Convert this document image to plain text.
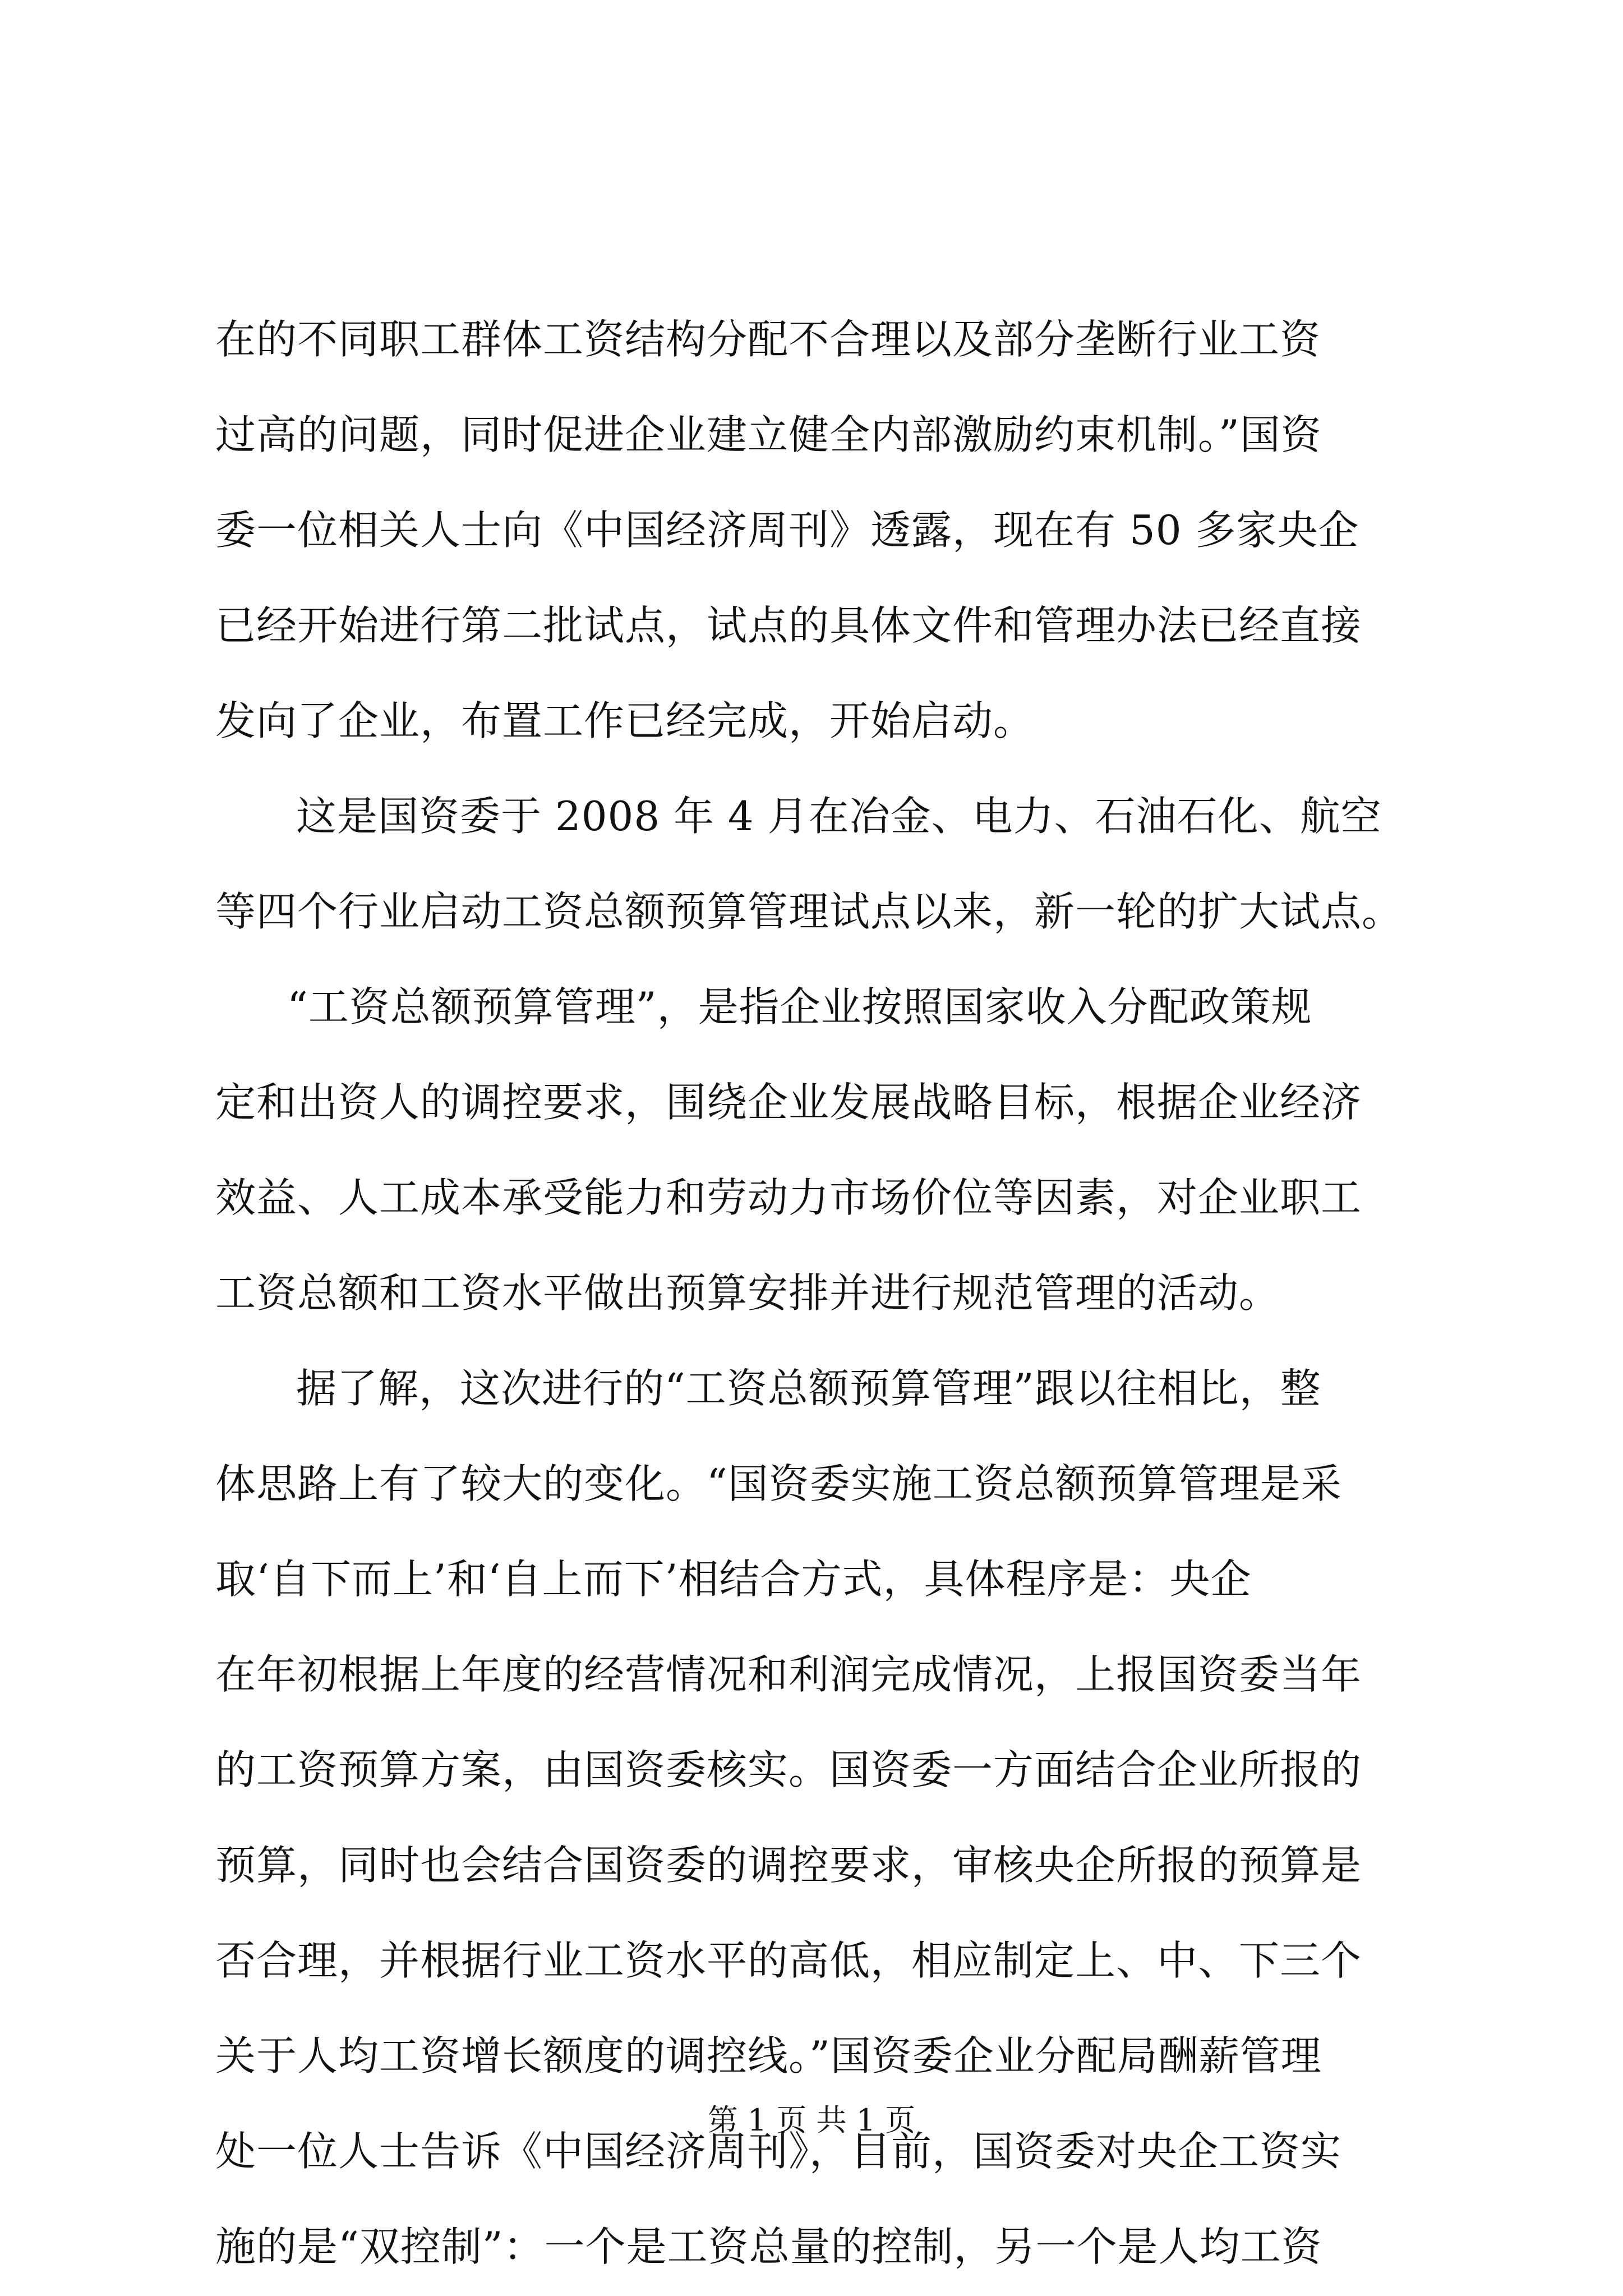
在的不同职工群体工资结构分配不合理以及部分垄断行业工资
过高的问题，同时促进企业建立健全内部激励约束机制。”国资
委一位相关人士向《中国经济周刊》透露，现在有 50 多家央企
已经开始进行第二批试点，试点的具体文件和管理办法已经直接
发向了企业，布置工作已经完成，开始启动。
这是国资委于 2008 年 4 月在冶金、电力、石油石化、航空
等四个行业启动工资总额预算管理试点以来，新一轮的扩大试点。
“工资总额预算管理”，是指企业按照国家收入分配政策规
定和出资人的调控要求，围绕企业发展战略目标，根据企业经济
效益、人工成本承受能力和劳动力市场价位等因素，对企业职工
工资总额和工资水平做出预算安排并进行规范管理的活动。
据了解，这次进行的“工资总额预算管理”跟以往相比，整
体思路上有了较大的变化。“国资委实施工资总额预算管理是采
取‘自下而上’和‘自上而下’相结合方式，具体程序是：央企
在年初根据上年度的经营情况和利润完成情况，上报国资委当年
的工资预算方案，由国资委核实。国资委一方面结合企业所报的
预算，同时也会结合国资委的调控要求，审核央企所报的预算是
否合理，并根据行业工资水平的高低，相应制定上、中、下三个
关于人均工资增长额度的调控线。”国资委企业分配局酬薪管理
处一位人士告诉《中国经济周刊》，目前，国资委对央企工资实
施的是“双控制”：一个是工资总量的控制，另一个是人均工资
第 1 页 共 1 页
